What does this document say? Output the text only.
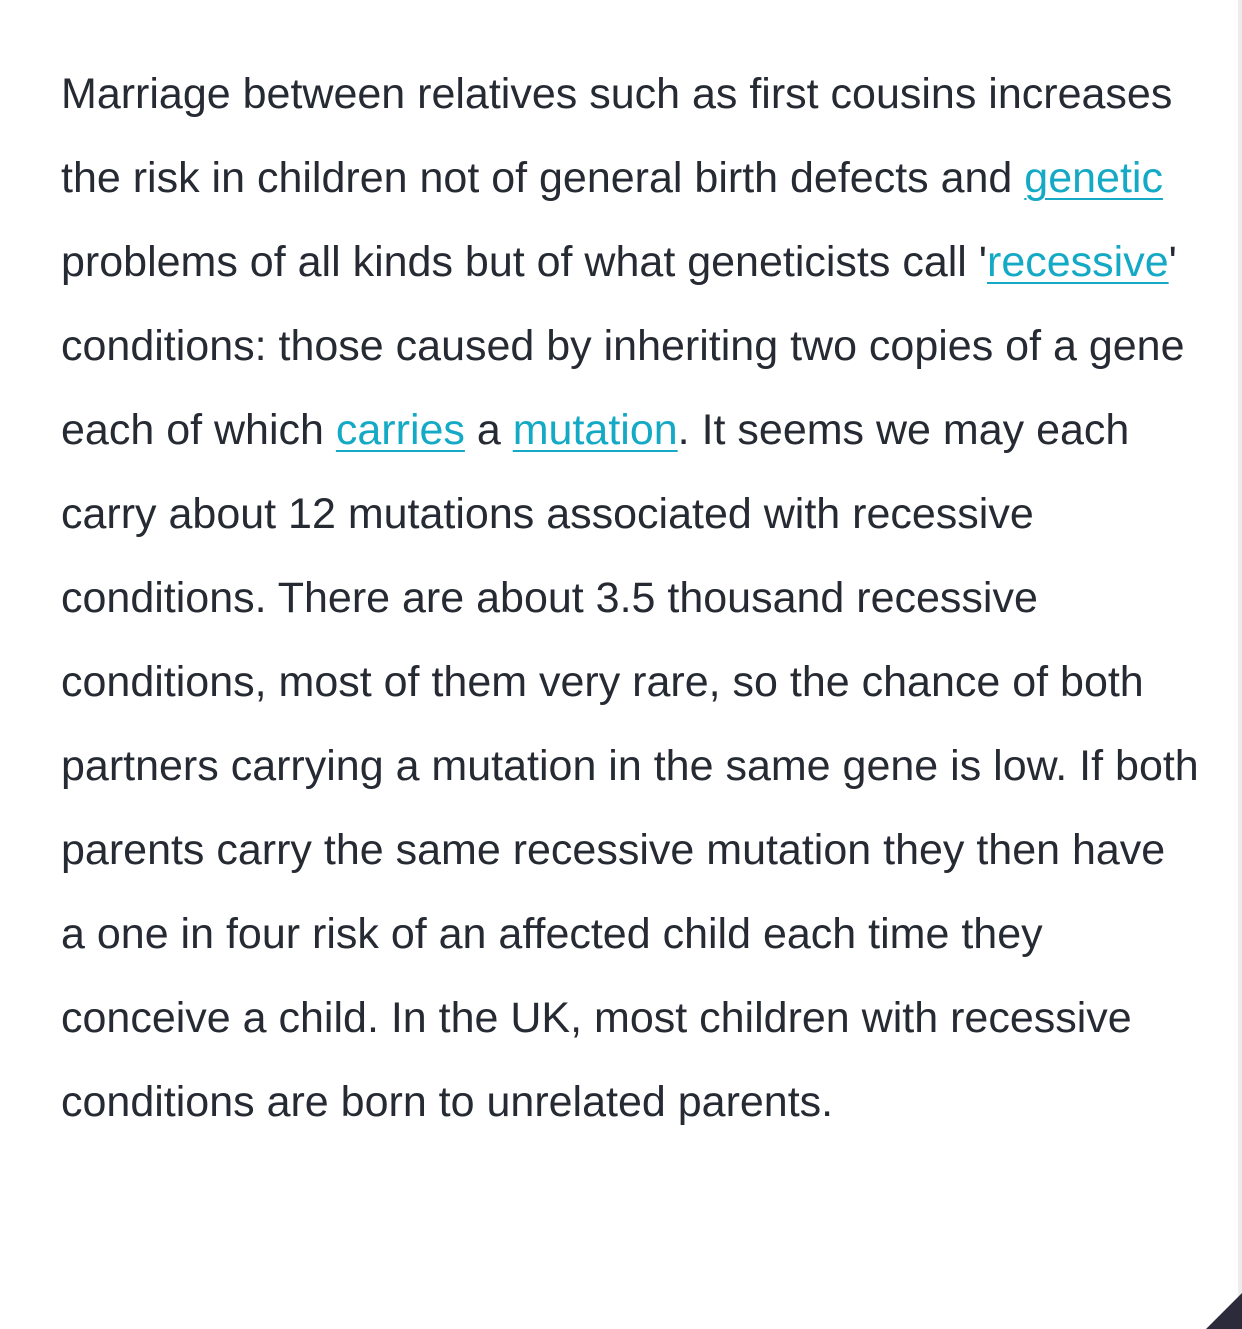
Marriage between relatives such as first cousins increases the risk in children not of general birth defects and genetic problems of all kinds but of what geneticists call 'recessive' conditions: those caused by inheriting two copies of a gene each of which carries a mutation. It seems we may each carry about 12 mutations associated with recessive conditions. There are about 3.5 thousand recessive conditions, most of them very rare, so the chance of both partners carrying a mutation in the same gene is low. If both parents carry the same recessive mutation they then have a one in four risk of an affected child each time they conceive a child. In the UK, most children with recessive conditions are born to unrelated parents.
